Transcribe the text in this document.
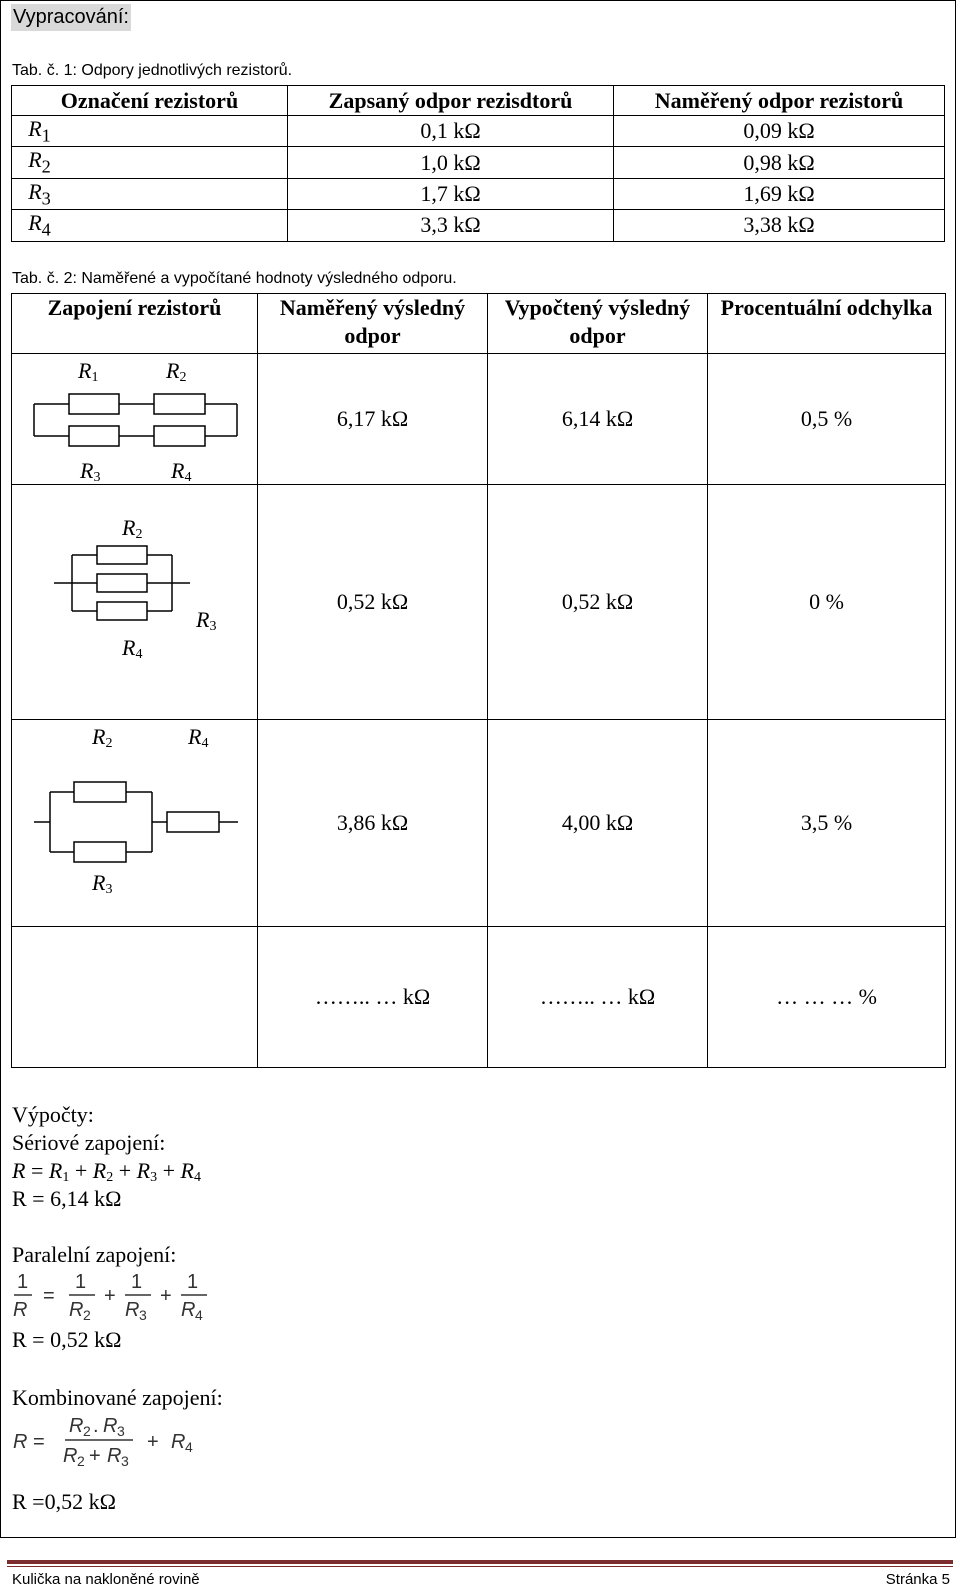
Vypracování:
Tab. č. 1: Odpory jednotlivých rezistorů.
Označení rezistorů	Zapsaný odpor rezisdtorů	Naměřený odpor rezistorů
$R_1$	0,1 kΩ	0,09 kΩ
$R_2$	1,0 kΩ	0,98 kΩ
$R_3$	1,7 kΩ	1,69 kΩ
$R_4$	3,3 kΩ	3,38 kΩ
Tab. č. 2: Naměřené a vypočítané hodnoty výsledného odporu.
Zapojení rezistorů	Naměřený výsledný odpor	Vypočtený výsledný odpor	Procentuální odchylka

$R_1$ $R_2$
$R_3$ $R_4$	6,17 kΩ	6,14 kΩ	0,5 %

$R_2$
$R_3$
$R_4$	0,52 kΩ	0,52 kΩ	0 %

$R_2$ $R_4$
$R_3$	3,86 kΩ	4,00 kΩ	3,5 %
	…….. … kΩ	…….. … kΩ	… … … %
Výpočty:
Sériové zapojení:
$R = R_1 + R_2 + R_3 + R_4$
R = 6,14 kΩ
Paralelní zapojení:
1
R
=
1
R 2
+
1
R 3
+
1
R 4
R = 0,52 kΩ
Kombinované zapojení:
R =
R 2 . R 3
R 2 + R 3
+ R 4
R =0,52 kΩ
Kulička na nakloněné rovině	Stránka 5
